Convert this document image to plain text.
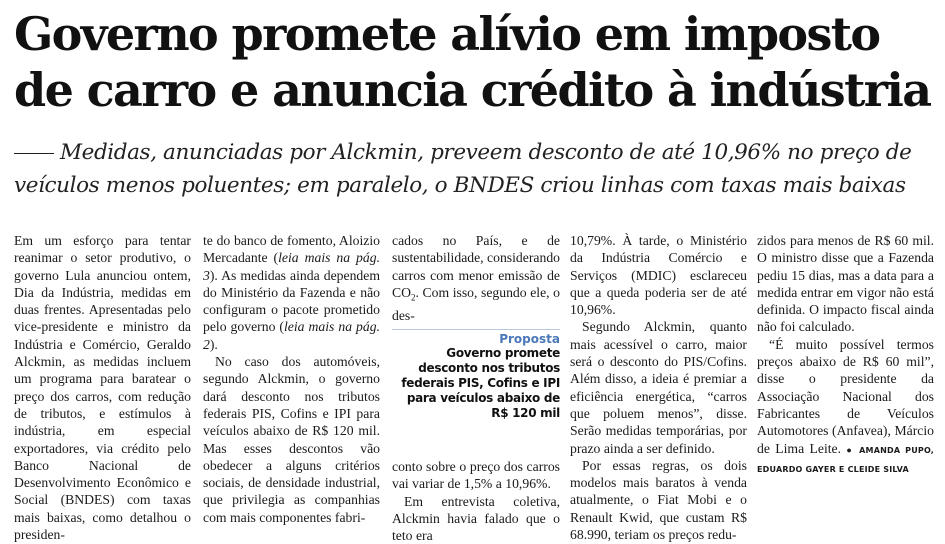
Governo promete alívio em imposto de carro e anuncia crédito à indústria

Medidas, anunciadas por Alckmin, preveem desconto de até 10,96% no preço de veículos menos poluentes; em paralelo, o BNDES criou linhas com taxas mais baixas

Em um esforço para tentar reanimar o setor produtivo, o governo Lula anunciou ontem, Dia da Indústria, medidas em duas frentes. Apresentadas pelo vice-presidente e ministro da Indústria e Comércio, Geraldo Alckmin, as medidas incluem um programa para baratear o preço dos carros, com redução de tributos, e estímulos à indústria, em especial exportadores, via crédito pelo Banco Nacional de Desenvolvimento Econômico e Social (BNDES) com taxas mais baixas, como detalhou o presiden-

te do banco de fomento, Aloizio Mercadante (leia mais na pág. 3). As medidas ainda dependem do Ministério da Fazenda e não configuram o pacote prometido pelo governo (leia mais na pág. 2).

No caso dos automóveis, segundo Alckmin, o governo dará desconto nos tributos federais PIS, Cofins e IPI para veículos abaixo de R$ 120 mil. Mas esses descontos vão obedecer a alguns critérios sociais, de densidade industrial, que privilegia as companhias com mais componentes fabri-

cados no País, e de sustentabilidade, considerando carros com menor emissão de $CO_2$. Com isso, segundo ele, o des-

conto sobre o preço dos carros vai variar de 1,5% a 10,96%.

Em entrevista coletiva, Alckmin havia falado que o teto era

Proposta
Governo promete desconto nos tributos federais PIS, Cofins e IPI para veículos abaixo de R$ 120 mil

10,79%. À tarde, o Ministério da Indústria Comércio e Serviços (MDIC) esclareceu que a queda poderia ser de até 10,96%.

Segundo Alckmin, quanto mais acessível o carro, maior será o desconto do PIS/Cofins. Além disso, a ideia é premiar a eficiência energética, “carros que poluem menos”, disse. Serão medidas temporárias, por prazo ainda a ser definido.

Por essas regras, os dois modelos mais baratos à venda atualmente, o Fiat Mobi e o Renault Kwid, que custam R$ 68.990, teriam os preços redu-

zidos para menos de R$ 60 mil. O ministro disse que a Fazenda pediu 15 dias, mas a data para a medida entrar em vigor não está definida. O impacto fiscal ainda não foi calculado.

“É muito possível termos preços abaixo de R$ 60 mil”, disse o presidente da Associação Nacional dos Fabricantes de Veículos Automotores (Anfavea), Márcio de Lima Leite. ● AMANDA PUPO, EDUARDO GAYER E CLEIDE SILVA
